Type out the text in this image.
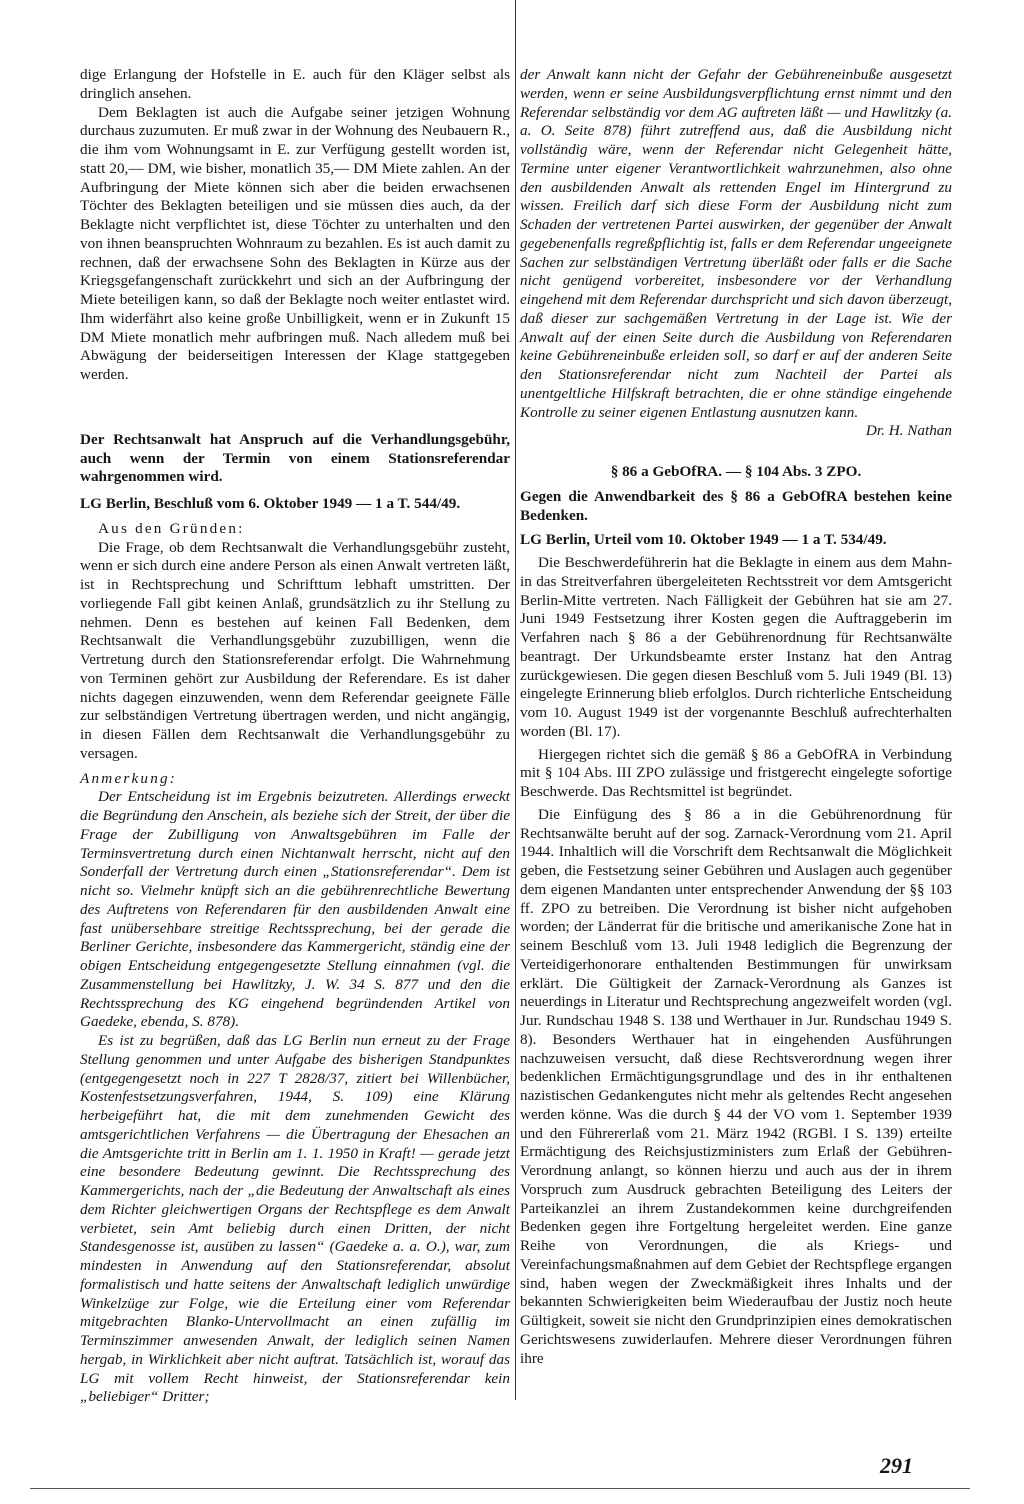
dige Erlangung der Hofstelle in E. auch für den Kläger selbst als dringlich ansehen.

Dem Beklagten ist auch die Aufgabe seiner jetzigen Wohnung durchaus zuzumuten. Er muß zwar in der Wohnung des Neubauern R., die ihm vom Wohnungsamt in E. zur Verfügung gestellt worden ist, statt 20,— DM, wie bisher, monatlich 35,— DM Miete zahlen. An der Aufbringung der Miete können sich aber die beiden erwachsenen Töchter des Beklagten beteiligen und sie müssen dies auch, da der Beklagte nicht verpflichtet ist, diese Töchter zu unterhalten und den von ihnen beanspruchten Wohnraum zu bezahlen. Es ist auch damit zu rechnen, daß der erwachsene Sohn des Beklagten in Kürze aus der Kriegsgefangenschaft zurückkehrt und sich an der Aufbringung der Miete beteiligen kann, so daß der Beklagte noch weiter entlastet wird. Ihm widerfährt also keine große Unbilligkeit, wenn er in Zukunft 15 DM Miete monatlich mehr aufbringen muß. Nach alledem muß bei Abwägung der beiderseitigen Interessen der Klage stattgegeben werden.

Der Rechtsanwalt hat Anspruch auf die Verhandlungsgebühr, auch wenn der Termin von einem Stationsreferendar wahrgenommen wird.

LG Berlin, Beschluß vom 6. Oktober 1949 — 1 a T. 544/49.

Aus den Gründen:

Die Frage, ob dem Rechtsanwalt die Verhandlungsgebühr zusteht, wenn er sich durch eine andere Person als einen Anwalt vertreten läßt, ist in Rechtsprechung und Schrifttum lebhaft umstritten. Der vorliegende Fall gibt keinen Anlaß, grundsätzlich zu ihr Stellung zu nehmen. Denn es bestehen auf keinen Fall Bedenken, dem Rechtsanwalt die Verhandlungsgebühr zuzubilligen, wenn die Vertretung durch den Stationsreferendar erfolgt. Die Wahrnehmung von Terminen gehört zur Ausbildung der Referendare. Es ist daher nichts dagegen einzuwenden, wenn dem Referendar geeignete Fälle zur selbständigen Vertretung übertragen werden, und nicht angängig, in diesen Fällen dem Rechtsanwalt die Verhandlungsgebühr zu versagen.

Anmerkung:

Der Entscheidung ist im Ergebnis beizutreten. Allerdings erweckt die Begründung den Anschein, als beziehe sich der Streit, der über die Frage der Zubilligung von Anwaltsgebühren im Falle der Terminsvertretung durch einen Nichtanwalt herrscht, nicht auf den Sonderfall der Vertretung durch einen „Stationsreferendar“. Dem ist nicht so. Vielmehr knüpft sich an die gebührenrechtliche Bewertung des Auftretens von Referendaren für den ausbildenden Anwalt eine fast unübersehbare streitige Rechtssprechung, bei der gerade die Berliner Gerichte, insbesondere das Kammergericht, ständig eine der obigen Entscheidung entgegengesetzte Stellung einnahmen (vgl. die Zusammenstellung bei Hawlitzky, J. W. 34 S. 877 und den die Rechtssprechung des KG eingehend begründenden Artikel von Gaedeke, ebenda, S. 878).

Es ist zu begrüßen, daß das LG Berlin nun erneut zu der Frage Stellung genommen und unter Aufgabe des bisherigen Standpunktes (entgegengesetzt noch in 227 T 2828/37, zitiert bei Willenbücher, Kostenfestsetzungsverfahren, 1944, S. 109) eine Klärung herbeigeführt hat, die mit dem zunehmenden Gewicht des amtsgerichtlichen Verfahrens — die Übertragung der Ehesachen an die Amtsgerichte tritt in Berlin am 1. 1. 1950 in Kraft! — gerade jetzt eine besondere Bedeutung gewinnt. Die Rechtssprechung des Kammergerichts, nach der „die Bedeutung der Anwaltschaft als eines dem Richter gleichwertigen Organs der Rechtspflege es dem Anwalt verbietet, sein Amt beliebig durch einen Dritten, der nicht Standesgenosse ist, ausüben zu lassen“ (Gaedeke a. a. O.), war, zum mindesten in Anwendung auf den Stationsreferendar, absolut formalistisch und hatte seitens der Anwaltschaft lediglich unwürdige Winkelzüge zur Folge, wie die Erteilung einer vom Referendar mitgebrachten Blanko-Untervollmacht an einen zufällig im Terminszimmer anwesenden Anwalt, der lediglich seinen Namen hergab, in Wirklichkeit aber nicht auftrat. Tatsächlich ist, worauf das LG mit vollem Recht hinweist, der Stationsreferendar kein „beliebiger“ Dritter;

der Anwalt kann nicht der Gefahr der Gebühreneinbuße ausgesetzt werden, wenn er seine Ausbildungsverpflichtung ernst nimmt und den Referendar selbständig vor dem AG auftreten läßt — und Hawlitzky (a. a. O. Seite 878) führt zutreffend aus, daß die Ausbildung nicht vollständig wäre, wenn der Referendar nicht Gelegenheit hätte, Termine unter eigener Verantwortlichkeit wahrzunehmen, also ohne den ausbildenden Anwalt als rettenden Engel im Hintergrund zu wissen. Freilich darf sich diese Form der Ausbildung nicht zum Schaden der vertretenen Partei auswirken, der gegenüber der Anwalt gegebenenfalls regreßpflichtig ist, falls er dem Referendar ungeeignete Sachen zur selbständigen Vertretung überläßt oder falls er die Sache nicht genügend vorbereitet, insbesondere vor der Verhandlung eingehend mit dem Referendar durchspricht und sich davon überzeugt, daß dieser zur sachgemäßen Vertretung in der Lage ist. Wie der Anwalt auf der einen Seite durch die Ausbildung von Referendaren keine Gebühreneinbuße erleiden soll, so darf er auf der anderen Seite den Stationsreferendar nicht zum Nachteil der Partei als unentgeltliche Hilfskraft betrachten, die er ohne ständige eingehende Kontrolle zu seiner eigenen Entlastung ausnutzen kann.

Dr. H. Nathan

§ 86 a GebOfRA. — § 104 Abs. 3 ZPO.

Gegen die Anwendbarkeit des § 86 a GebOfRA bestehen keine Bedenken.

LG Berlin, Urteil vom 10. Oktober 1949 — 1 a T. 534/49.

Die Beschwerdeführerin hat die Beklagte in einem aus dem Mahn- in das Streitverfahren übergeleiteten Rechtsstreit vor dem Amtsgericht Berlin-Mitte vertreten. Nach Fälligkeit der Gebühren hat sie am 27. Juni 1949 Festsetzung ihrer Kosten gegen die Auftraggeberin im Verfahren nach § 86 a der Gebührenordnung für Rechtsanwälte beantragt. Der Urkundsbeamte erster Instanz hat den Antrag zurückgewiesen. Die gegen diesen Beschluß vom 5. Juli 1949 (Bl. 13) eingelegte Erinnerung blieb erfolglos. Durch richterliche Entscheidung vom 10. August 1949 ist der vorgenannte Beschluß aufrechterhalten worden (Bl. 17).

Hiergegen richtet sich die gemäß § 86 a GebOfRA in Verbindung mit § 104 Abs. III ZPO zulässige und fristgerecht eingelegte sofortige Beschwerde. Das Rechtsmittel ist begründet.

Die Einfügung des § 86 a in die Gebührenordnung für Rechtsanwälte beruht auf der sog. Zarnack-Verordnung vom 21. April 1944. Inhaltlich will die Vorschrift dem Rechtsanwalt die Möglichkeit geben, die Festsetzung seiner Gebühren und Auslagen auch gegenüber dem eigenen Mandanten unter entsprechender Anwendung der §§ 103 ff. ZPO zu betreiben. Die Verordnung ist bisher nicht aufgehoben worden; der Länderrat für die britische und amerikanische Zone hat in seinem Beschluß vom 13. Juli 1948 lediglich die Begrenzung der Verteidigerhonorare enthaltenden Bestimmungen für unwirksam erklärt. Die Gültigkeit der Zarnack-Verordnung als Ganzes ist neuerdings in Literatur und Rechtsprechung angezweifelt worden (vgl. Jur. Rundschau 1948 S. 138 und Werthauer in Jur. Rundschau 1949 S. 8). Besonders Werthauer hat in eingehenden Ausführungen nachzuweisen versucht, daß diese Rechtsverordnung wegen ihrer bedenklichen Ermächtigungsgrundlage und des in ihr enthaltenen nazistischen Gedankengutes nicht mehr als geltendes Recht angesehen werden könne. Was die durch § 44 der VO vom 1. September 1939 und den Führererlaß vom 21. März 1942 (RGBl. I S. 139) erteilte Ermächtigung des Reichsjustizministers zum Erlaß der Gebühren-Verordnung anlangt, so können hierzu und auch aus der in ihrem Vorspruch zum Ausdruck gebrachten Beteiligung des Leiters der Parteikanzlei an ihrem Zustandekommen keine durchgreifenden Bedenken gegen ihre Fortgeltung hergeleitet werden. Eine ganze Reihe von Verordnungen, die als Kriegs- und Vereinfachungsmaßnahmen auf dem Gebiet der Rechtspflege ergangen sind, haben wegen der Zweckmäßigkeit ihres Inhalts und der bekannten Schwierigkeiten beim Wiederaufbau der Justiz noch heute Gültigkeit, soweit sie nicht den Grundprinzipien eines demokratischen Gerichtswesens zuwiderlaufen. Mehrere dieser Verordnungen führen ihre

291
